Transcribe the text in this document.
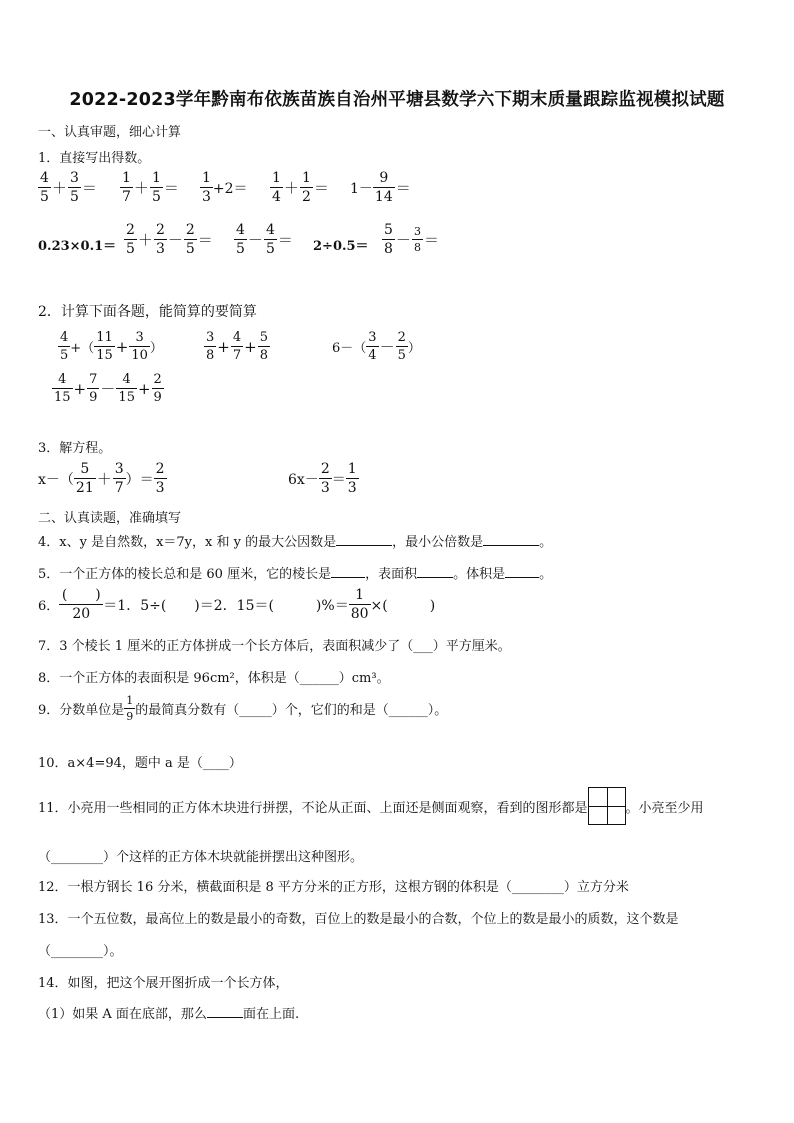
2022-2023学年黔南布依族苗族自治州平塘县数学六下期末质量跟踪监视模拟试题
一、认真审题，细心计算
1．直接写出得数。
$\frac{4}{5} + \frac{3}{5} = \frac{1}{7} + \frac{1}{5} = \frac{1}{3} +2= \frac{1}{4} + \frac{1}{2} = 1- \frac{9}{14}$ ＝
$0.23\times 0.1= \frac{2}{5} + \frac{2}{3} - \frac{2}{5} = \frac{4}{5} - \frac{4}{5} = 2\div 0.5= \frac{5}{8} - \frac{3}{8}$ ＝
2．计算下面各题，能简算的要简算
$\frac{4}{5}$ +（ $\frac{11}{15} + \frac{3}{10}$ ）	$\frac{3}{8} + \frac{4}{7} + \frac{5}{8}$	$6-( \frac{3}{4} - \frac{2}{5}$ ）
$\frac{4}{15} + \frac{7}{9} - \frac{4}{15} + \frac{2}{9}$
3．解方程。
$x-( \frac{5}{21} + \frac{3}{7}$ ）＝ $\frac{2}{3}$	$6x- \frac{2}{3} = \frac{1}{3}$
二、认真读题，准确填写
4．x、y 是自然数，x＝7y，x 和 y 的最大公因数是	，最小公倍数是	。
5．一个正方体的棱长总和是 60 厘米，它的棱长是	，表面积	。体积是	。
6． $\frac{( )}{20} =1$．5÷(　　)＝2．15＝(　　　)%＝ $\frac{1}{80}$ ×(　　　)
7．3 个棱长 1 厘米的正方体拼成一个长方体后，表面积减少了（___）平方厘米。
8．一个正方体的表面积是 96cm²，体积是（______）cm³。
9．分数单位是 $\frac{1}{9}$ 的最简真分数有（_____）个，它们的和是（______）。
10．a×4=94，题中 a 是（____）
11．小亮用一些相同的正方体木块进行拼摆，不论从正面、上面还是侧面观察，看到的图形都是	。小亮至少用
（________）个这样的正方体木块就能拼摆出这种图形。
12．一根方钢长 16 分米，横截面积是 8 平方分米的正方形，这根方钢的体积是（________）立方分米
13．一个五位数，最高位上的数是最小的奇数，百位上的数是最小的合数，个位上的数是最小的质数，这个数是
（________）。
14．如图，把这个展开图折成一个长方体，
（1）如果 A 面在底部，那么	面在上面.
